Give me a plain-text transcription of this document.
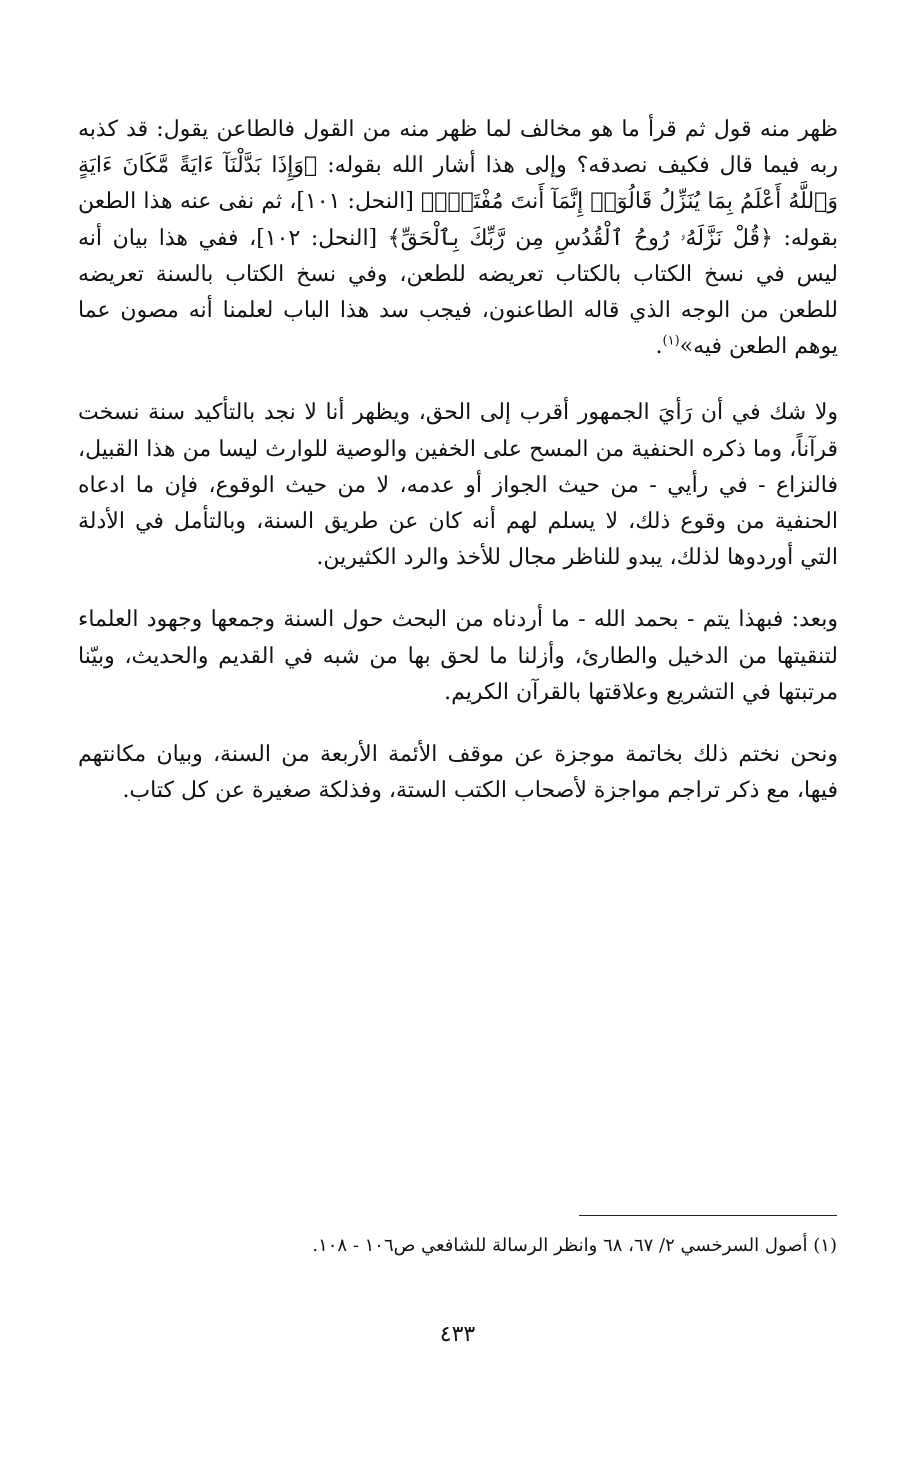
ظهر منه قول ثم قرأ ما هو مخالف لما ظهر منه من القول فالطاعن يقول: قد كذبه ربه فيما قال فكيف نصدقه؟ وإلى هذا أشار الله بقوله: ﴿وَإِذَا بَدَّلْنَآ ءَايَةً مَّكَانَ ءَايَةٍ وَٱللَّهُ أَعْلَمُ بِمَا يُنَزِّلُ قَالُوٓا۟ إِنَّمَآ أَنتَ مُفْتَرٍۭ﴾ [النحل: ١٠١]، ثم نفى عنه هذا الطعن بقوله: ﴿قُلْ نَزَّلَهُۥ رُوحُ ٱلْقُدُسِ مِن رَّبِّكَ بِٱلْحَقِّ﴾ [النحل: ١٠٢]، ففي هذا بيان أنه ليس في نسخ الكتاب بالكتاب تعريضه للطعن، وفي نسخ الكتاب بالسنة تعريضه للطعن من الوجه الذي قاله الطاعنون، فيجب سد هذا الباب لعلمنا أنه مصون عما يوهم الطعن فيه»$^{(١)}$.

ولا شك في أن رَأيَ الجمهور أقرب إلى الحق، ويظهر أنا لا نجد بالتأكيد سنة نسخت قرآناً، وما ذكره الحنفية من المسح على الخفين والوصية للوارث ليسا من هذا القبيل، فالنزاع - في رأيي - من حيث الجواز أو عدمه، لا من حيث الوقوع، فإن ما ادعاه الحنفية من وقوع ذلك، لا يسلم لهم أنه كان عن طريق السنة، وبالتأمل في الأدلة التي أوردوها لذلك، يبدو للناظر مجال للأخذ والرد الكثيرين.

وبعد: فبهذا يتم - بحمد الله - ما أردناه من البحث حول السنة وجمعها وجهود العلماء لتنقيتها من الدخيل والطارئ، وأزلنا ما لحق بها من شبه في القديم والحديث، وبيّنا مرتبتها في التشريع وعلاقتها بالقرآن الكريم.

ونحن نختم ذلك بخاتمة موجزة عن موقف الأئمة الأربعة من السنة، وبيان مكانتهم فيها، مع ذكر تراجم مواجزة لأصحاب الكتب الستة، وفذلكة صغيرة عن كل كتاب.

(١) أصول السرخسي ٢/ ٦٧، ٦٨ وانظر الرسالة للشافعي ص١٠٦ - ١٠٨.
٤٣٣
